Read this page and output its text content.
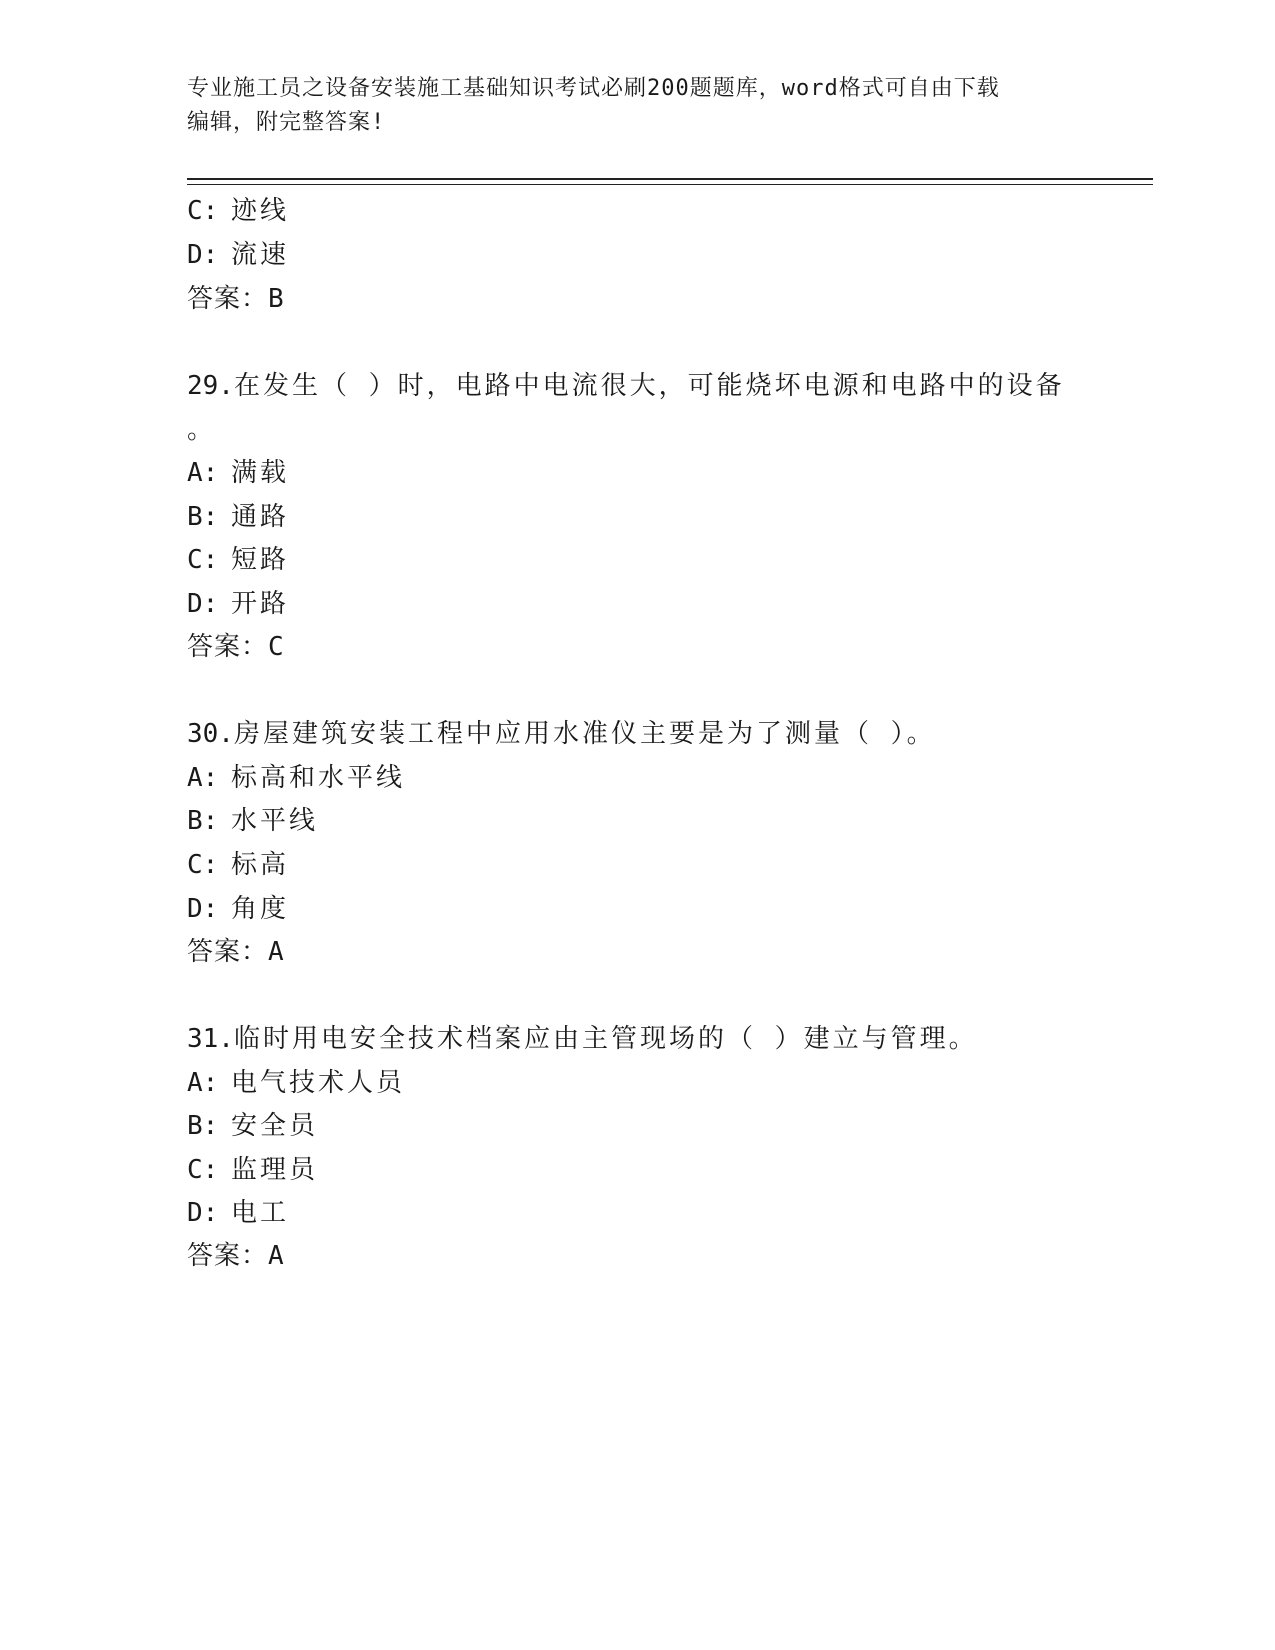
专业施工员之设备安装施工基础知识考试必刷200题题库，word格式可自由下载
编辑，附完整答案!
C: 迹线
D: 流速
答案：B
29.在发生（ ）时，电路中电流很大，可能烧坏电源和电路中的设备
。
A: 满载
B: 通路
C: 短路
D: 开路
答案：C
30.房屋建筑安装工程中应用水准仪主要是为了测量（ ）。
A: 标高和水平线
B: 水平线
C: 标高
D: 角度
答案：A
31.临时用电安全技术档案应由主管现场的（ ）建立与管理。
A: 电气技术人员
B: 安全员
C: 监理员
D: 电工
答案：A
